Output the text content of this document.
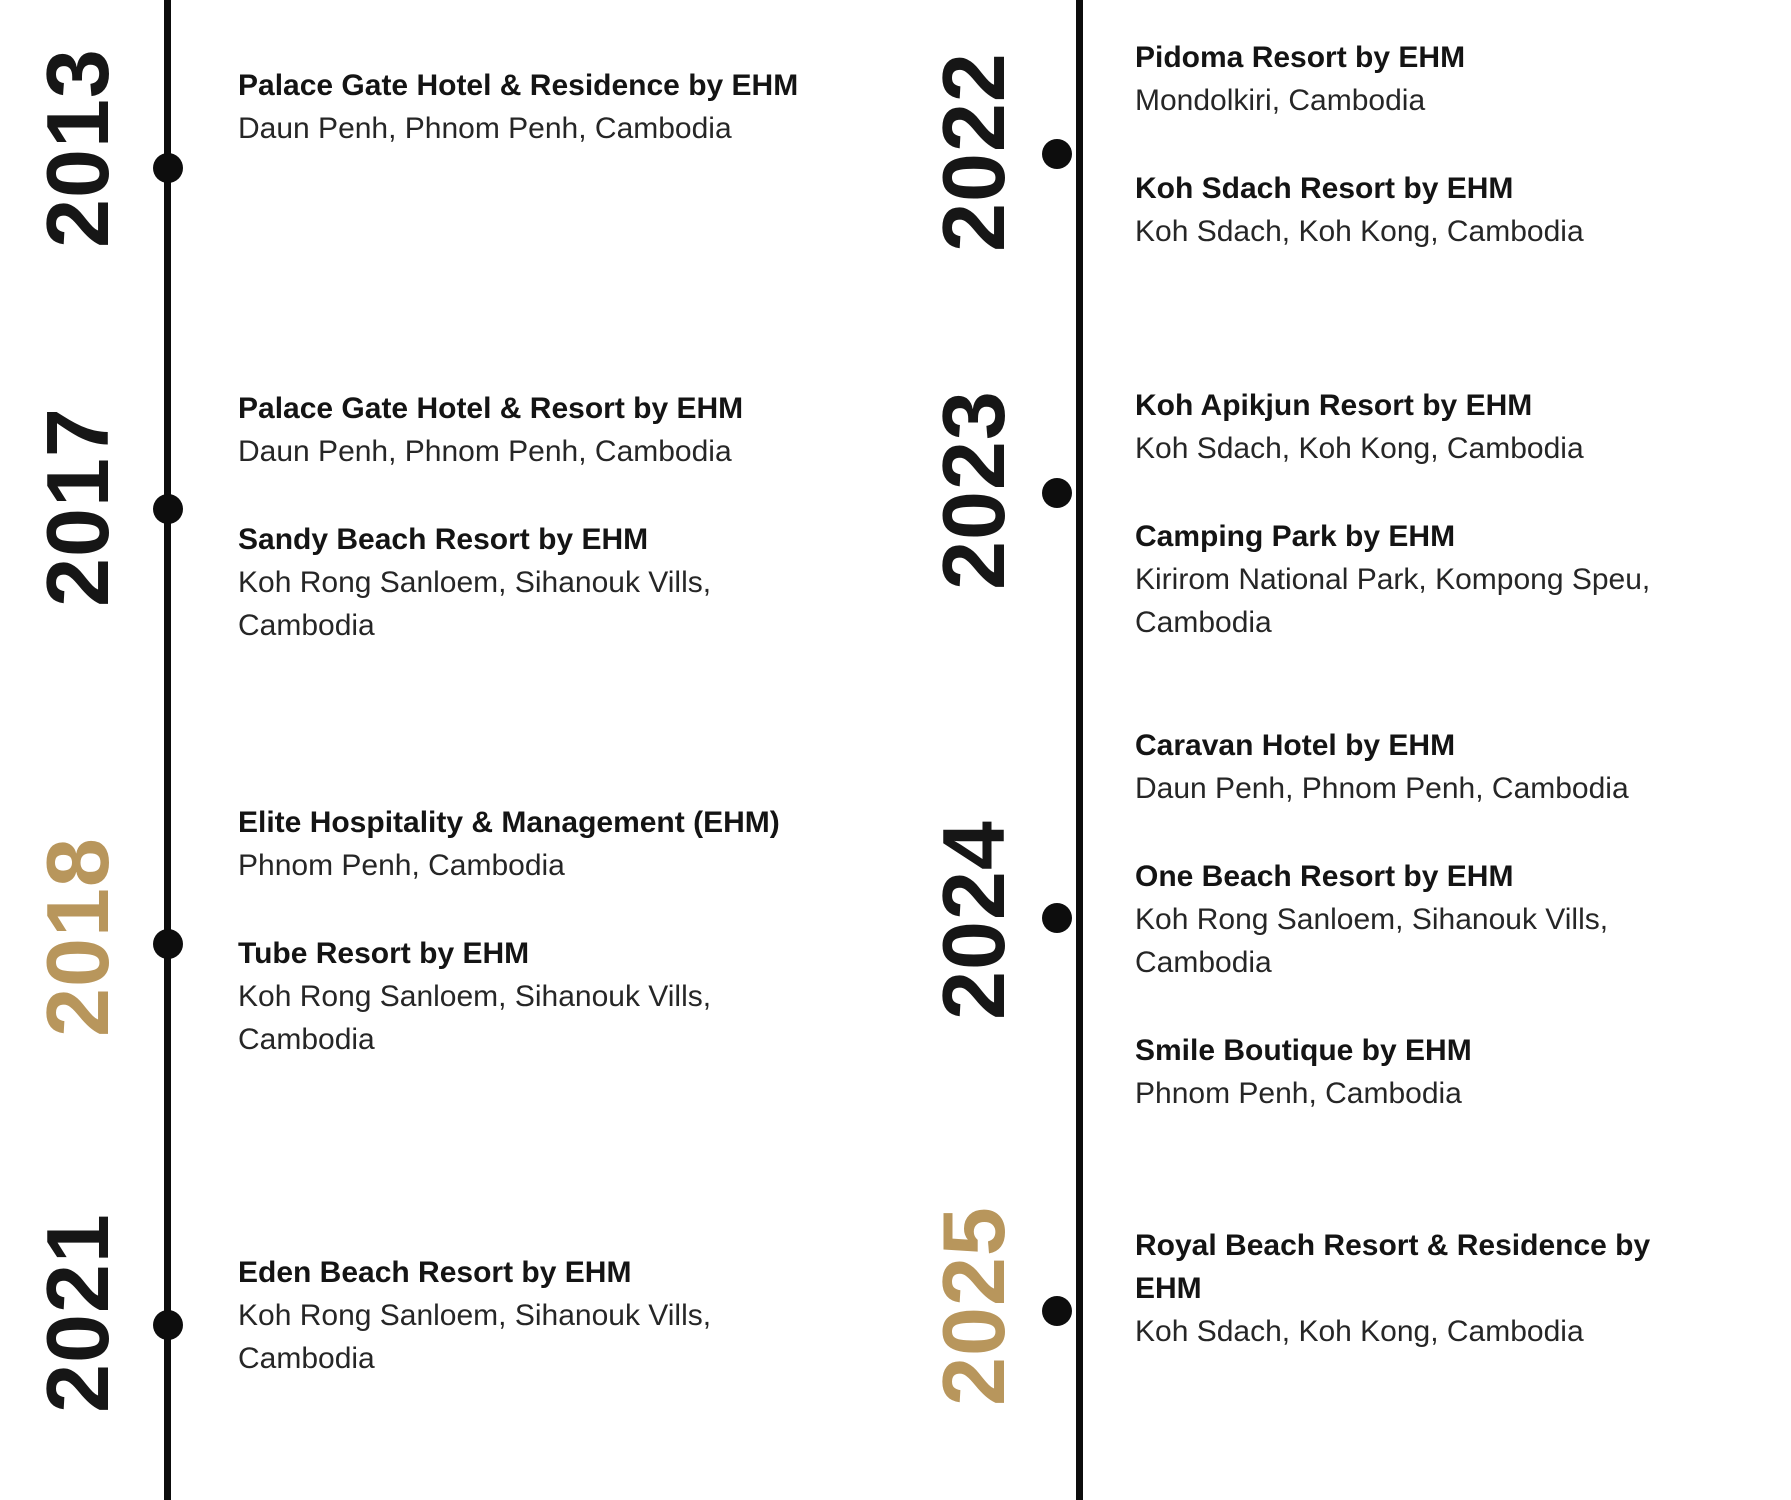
2013
2017
2018
2021
2022
2023
2024
2025
Palace Gate Hotel & Residence by EHM
Daun Penh, Phnom Penh, Cambodia
Palace Gate Hotel & Resort by EHM
Daun Penh, Phnom Penh, Cambodia
Sandy Beach Resort by EHM
Koh Rong Sanloem, Sihanouk Vills, Cambodia
Elite Hospitality & Management (EHM)
Phnom Penh, Cambodia
Tube Resort by EHM
Koh Rong Sanloem, Sihanouk Vills, Cambodia
Eden Beach Resort by EHM
Koh Rong Sanloem, Sihanouk Vills, Cambodia
Pidoma Resort by EHM
Mondolkiri, Cambodia
Koh Sdach Resort by EHM
Koh Sdach, Koh Kong, Cambodia
Koh Apikjun Resort by EHM
Koh Sdach, Koh Kong, Cambodia
Camping Park by EHM
Kirirom National Park, Kompong Speu, Cambodia
Caravan Hotel by EHM
Daun Penh, Phnom Penh, Cambodia
One Beach Resort by EHM
Koh Rong Sanloem, Sihanouk Vills, Cambodia
Smile Boutique by EHM
Phnom Penh, Cambodia
Royal Beach Resort & Residence by EHM
Koh Sdach, Koh Kong, Cambodia
